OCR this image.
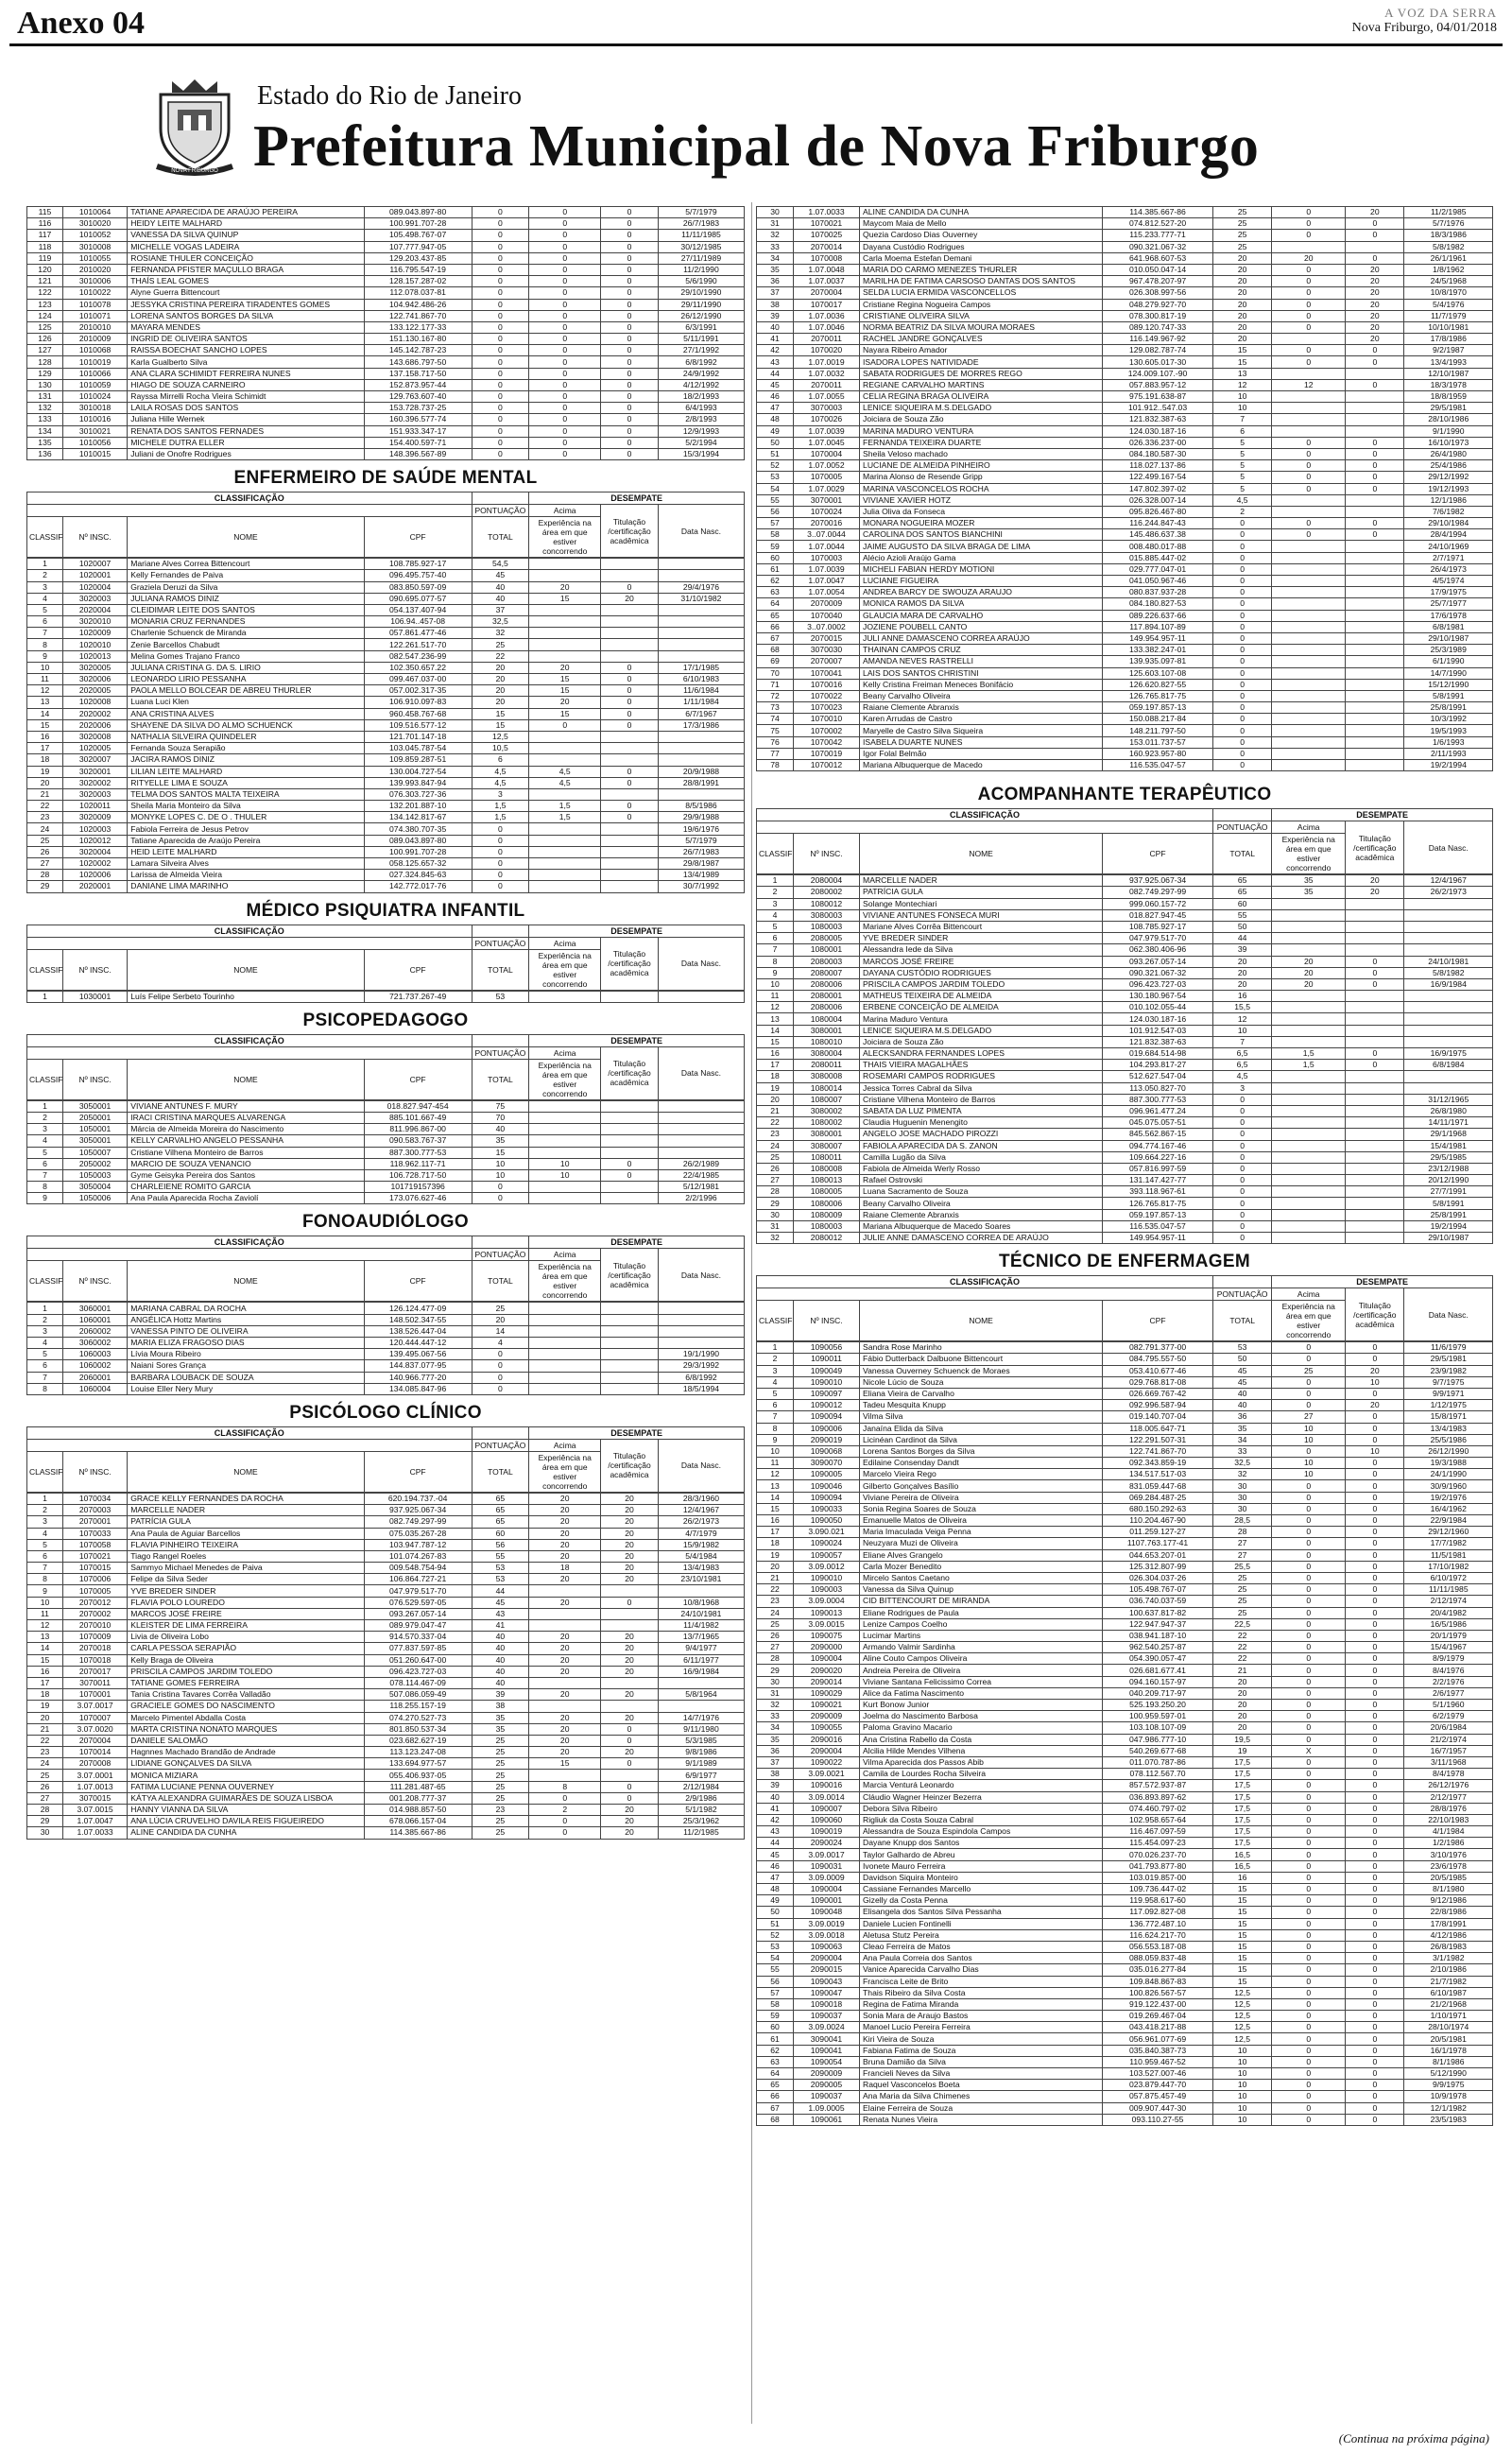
Anexo 04	A VOZ DA SERRA
Nova Friburgo, 04/01/2018
NOVA FRIBURGO
Estado do Rio de Janeiro
Prefeitura Municipal de Nova Friburgo
115	1010064	TATIANE APARECIDA DE ARAÚJO PEREIRA	089.043.897-80	0	0	0	5/7/1979
116	3010020	HEIDY LEITE MALHARD	100.991.707-28	0	0	0	26/7/1983
117	1010052	VANESSA DA SILVA QUINUP	105.498.767-07	0	0	0	11/11/1985
118	3010008	MICHELLE VOGAS LADEIRA	107.777.947-05	0	0	0	30/12/1985
119	1010055	ROSIANE THULER CONCEIÇÃO	129.203.437-85	0	0	0	27/11/1989
120	2010020	FERNANDA PFISTER MAÇULLO BRAGA	116.795.547-19	0	0	0	11/2/1990
121	3010006	THAÍS LEAL GOMES	128.157.287-02	0	0	0	5/6/1990
122	1010022	Alyne Guerra Bittencourt	112.078.037-81	0	0	0	29/10/1990
123	1010078	JESSYKA CRISTINA PEREIRA TIRADENTES GOMES	104.942.486-26	0	0	0	29/11/1990
124	1010071	LORENA SANTOS BORGES DA SILVA	122.741.867-70	0	0	0	26/12/1990
125	2010010	MAYARA MENDES	133.122.177-33	0	0	0	6/3/1991
126	2010009	INGRID DE OLIVEIRA SANTOS	151.130.167-80	0	0	0	5/11/1991
127	1010068	RAISSA BOECHAT SANCHO LOPES	145.142.787-23	0	0	0	27/1/1992
128	1010019	Karla Gualberto Silva	143.686.797-50	0	0	0	6/8/1992
129	1010066	ANA CLARA SCHIMIDT FERREIRA NUNES	137.158.717-50	0	0	0	24/9/1992
130	1010059	HIAGO DE SOUZA CARNEIRO	152.873.957-44	0	0	0	4/12/1992
131	1010024	Rayssa Mirrelli Rocha Vieira Schimidt	129.763.607-40	0	0	0	18/2/1993
132	3010018	LAILA ROSAS DOS SANTOS	153.728.737-25	0	0	0	6/4/1993
133	1010016	Juliana Hille Wernek	160.396.577-74	0	0	0	2/8/1993
134	3010021	RENATA DOS SANTOS FERNADES	151.933.347-17	0	0	0	12/9/1993
135	1010056	MICHELE DUTRA ELLER	154.400.597-71	0	0	0	5/2/1994
136	1010015	Juliani de Onofre Rodrigues	148.396.567-89	0	0	0	15/3/1994
ENFERMEIRO DE SAÚDE MENTAL
CLASSIFICAÇÃO					DESEMPATE		
				PONTUAÇÃO	Acima	Titulação /certificação acadêmica	Data Nasc.
CLASSIF	Nº INSC.	NOME	CPF	TOTAL	Experiência na área em que estiver concorrendo		
1	1020007	Mariane Alves Correa Bittencourt	108.785.927-17	54,5			
2	1020001	Kelly Fernandes de Paiva	096.495.757-40	45			
3	1020004	Graziela Deruzi da Silva	083.850.597-09	40	20	0	29/4/1976
4	3020003	JULIANA RAMOS DINIZ	090.695.077-57	40	15	20	31/10/1982
5	2020004	CLEIDIMAR LEITE DOS SANTOS	054.137.407-94	37			
6	3020010	MONARIA CRUZ FERNANDES	106.94..457-08	32,5			
7	1020009	Charlenie Schuenck de Miranda	057.861.477-46	32			
8	1020010	Zenie Barcellos Chabudt	122.261.517-70	25			
9	1020013	Melina Gomes Trajano Franco	082.547.236-99	22			
10	3020005	JULIANA CRISTINA G. DA S. LIRIO	102.350.657.22	20	20	0	17/1/1985
11	3020006	LEONARDO LIRIO PESSANHA	099.467.037-00	20	15	0	6/10/1983
12	2020005	PAOLA MELLO BOLCEAR DE ABREU THURLER	057.002.317-35	20	15	0	11/6/1984
13	1020008	Luana Luci Klen	106.910.097-83	20	20	0	1/11/1984
14	2020002	ANA CRISTINA ALVES	960.458.767-68	15	15	0	6/7/1967
15	2020006	SHAYENE DA SILVA DO ALMO SCHUENCK	109.516.577-12	15	0	0	17/3/1986
16	3020008	NATHALIA SILVEIRA QUINDELER	121.701.147-18	12,5			
17	1020005	Fernanda Souza Serapião	103.045.787-54	10,5			
18	3020007	JACIRA RAMOS DINIZ	109.859.287-51	6			
19	3020001	LILIAN LEITE MALHARD	130.004.727-54	4,5	4,5	0	20/9/1988
20	3020002	RITYELLE LIMA E SOUZA	139.993.847-94	4,5	4,5	0	28/8/1991
21	3020003	TELMA DOS SANTOS MALTA TEIXEIRA	076.303.727-36	3			
22	1020011	Sheila Maria Monteiro da Silva	132.201.887-10	1,5	1,5	0	8/5/1986
23	3020009	MONYKE LOPES C. DE O . THULER	134.142.817-67	1,5	1,5	0	29/9/1988
24	1020003	Fabiola Ferreira de Jesus Petrov	074.380.707-35	0			19/6/1976
25	1020012	Tatiane Aparecida de Araújo Pereira	089.043.897-80	0			5/7/1979
26	3020004	HEID LEITE MALHARD	100.991.707-28	0			26/7/1983
27	1020002	Lamara Silveira Alves	058.125.657-32	0			29/8/1987
28	1020006	Larissa de Almeida Vieira	027.324.845-63	0			13/4/1989
29	2020001	DANIANE LIMA MARINHO	142.772.017-76	0			30/7/1992
MÉDICO PSIQUIATRA INFANTIL
CLASSIFICAÇÃO					DESEMPATE		
				PONTUAÇÃO	Acima	Titulação /certificação acadêmica	Data Nasc.
CLASSIF	Nº INSC.	NOME	CPF	TOTAL	Experiência na área em que estiver concorrendo		
1	1030001	Luís Felipe Serbeto Tourinho	721.737.267-49	53			
PSICOPEDAGOGO
CLASSIFICAÇÃO					DESEMPATE		
				PONTUAÇÃO	Acima	Titulação /certificação acadêmica	Data Nasc.
CLASSIF	Nº INSC.	NOME	CPF	TOTAL	Experiência na área em que estiver concorrendo		
1	3050001	VIVIANE ANTUNES F. MURY	018.827.947-454	75			
2	2050001	IRACI CRISTINA MARQUES ALVARENGA	885.101.667-49	70			
3	1050001	Márcia de Almeida Moreira do Nascimento	811.996.867-00	40			
4	3050001	KELLY CARVALHO ANGELO PESSANHA	090.583.767-37	35			
5	1050007	Cristiane Vilhena Monteiro de Barros	887.300.777-53	15			
6	2050002	MARCIO DE SOUZA VENANCIO	118.962.117-71	10	10	0	26/2/1989
7	1050003	Gyme Geisyka Pereira dos Santos	106.728.717-50	10	10	0	22/4/1985
8	3050004	CHARLEIENE ROMITO GARCIA	101719157396	0			5/12/1981
9	1050006	Ana Paula Aparecida Rocha Zaviolí	173.076.627-46	0			2/2/1996
FONOAUDIÓLOGO
CLASSIFICAÇÃO					DESEMPATE		
				PONTUAÇÃO	Acima	Titulação /certificação acadêmica	Data Nasc.
CLASSIF	Nº INSC.	NOME	CPF	TOTAL	Experiência na área em que estiver concorrendo		
1	3060001	MARIANA CABRAL DA ROCHA	126.124.477-09	25			
2	1060001	ANGÉLICA Hottz Martins	148.502.347-55	20			
3	2060002	VANESSA PINTO DE OLIVEIRA	138.526.447-04	14			
4	3060002	MARIA ELIZA FRAGOSO DIAS	120.444.447-12	4			
5	1060003	Lívia Moura Ribeiro	139.495.067-56	0			19/1/1990
6	1060002	Naiani Sores Grança	144.837.077-95	0			29/3/1992
7	2060001	BARBARA LOUBACK DE SOUZA	140.966.777-20	0			6/8/1992
8	1060004	Louise Eller Nery Mury	134.085.847-96	0			18/5/1994
PSICÓLOGO CLÍNICO
CLASSIFICAÇÃO					DESEMPATE		
				PONTUAÇÃO	Acima	Titulação /certificação acadêmica	Data Nasc.
CLASSIF	Nº INSC.	NOME	CPF	TOTAL	Experiência na área em que estiver concorrendo		
1	1070034	GRACE KELLY FERNANDES DA ROCHA	620.194.737.-04	65	20	20	28/3/1960
2	2070003	MARCELLE NADER	937.925.067-34	65	20	20	12/4/1967
3	2070001	PATRÍCIA GULA	082.749.297-99	65	20	20	26/2/1973
4	1070033	Ana Paula de Aguiar Barcellos	075.035.267-28	60	20	20	4/7/1979
5	1070058	FLAVIA PINHEIRO TEIXEIRA	103.947.787-12	56	20	20	15/9/1982
6	1070021	Tiago Rangel Roeles	101.074.267-83	55	20	20	5/4/1984
7	1070015	Sammyo Michael Menedes de Paiva	009.548.754-94	53	18	20	13/4/1983
8	1070006	Felipe da Silva Seder	106.864.727-21	53	20	20	23/10/1981
9	1070005	YVE BREDER SINDER	047.979.517-70	44			
10	2070012	FLAVIA POLO LOUREDO	076.529.597-05	45	20	0	10/8/1968
11	2070002	MARCOS JOSÉ FREIRE	093.267.057-14	43			24/10/1981
12	2070010	KLEISTER DE LIMA FERREIRA	089.979.047-47	41			11/4/1982
13	1070009	Livia de Oliveira Lobo	914.570.337-04	40	20	20	13/7/1965
14	2070018	CARLA PESSOA SERAPIÃO	077.837.597-85	40	20	20	9/4/1977
15	1070018	Kelly Braga de Oliveira	051.260.647-00	40	20	20	6/11/1977
16	2070017	PRISCILA CAMPOS JARDIM TOLEDO	096.423.727-03	40	20	20	16/9/1984
17	3070011	TATIANE GOMES FERREIRA	078.114.467-09	40			
18	1070001	Tania Cristina Tavares Corrêa Valladão	507.086.059-49	39	20	20	5/8/1964
19	3.07.0017	GRACIELE GOMES DO NASCIMENTO	118.255.157-19	38			
20	1070007	Marcelo Pimentel Abdalla Costa	074.270.527-73	35	20	20	14/7/1976
21	3.07.0020	MARTA CRISTINA NONATO MARQUES	801.850.537-34	35	20	0	9/11/1980
22	2070004	DANIELE SALOMÃO	023.682.627-19	25	20	0	5/3/1985
23	1070014	Hagnnes Machado Brandão de Andrade	113.123.247-08	25	20	20	9/8/1986
24	2070008	LIDIANE GONÇALVES DA SILVA	133.694.977-57	25	15	0	9/1/1989
25	3.07.0001	MONICA MIZIARA	055.406.937-05	25			6/9/1977
26	1.07.0013	FATIMA LUCIANE PENNA OUVERNEY	111.281.487-65	25	8	0	2/12/1984
27	3070015	KÁTYA ALEXANDRA GUIMARÃES DE SOUZA LISBOA	001.208.777-37	25	0	0	2/9/1986
28	3.07.0015	HANNY VIANNA DA SILVA	014.988.857-50	23	2	20	5/1/1982
29	1.07.0047	ANA LÚCIA CRUVELHO DAVILA REIS FIGUEIREDO	678.066.157-04	25	0	20	25/3/1962
30	1.07.0033	ALINE CANDIDA DA CUNHA	114.385.667-86	25	0	20	11/2/1985
30	1.07.0033	ALINE CANDIDA DA CUNHA	114.385.667-86	25	0	20	11/2/1985
31	1070021	Maycom Maia de Mello	074.812.527-20	25	0	0	5/7/1976
32	1070025	Quezia Cardoso Dias Ouverney	115.233.777-71	25	0	0	18/3/1986
33	2070014	Dayana Custódio Rodrigues	090.321.067-32	25			5/8/1982
34	1070008	Carla Moema Estefan Demani	641.968.607-53	20	20	0	26/1/1961
35	1.07.0048	MARIA DO CARMO MENEZES THURLER	010.050.047-14	20	0	20	1/8/1962
36	1.07.0037	MARILHA DE FATIMA CARSOSO DANTAS DOS SANTOS	967.478.207-97	20	0	20	24/5/1968
37	2070004	SELDA LUCIA ERMIDA VASCONCELLOS	026.308.997-56	20	0	20	10/8/1970
38	1070017	Cristiane Regina Nogueira Campos	048.279.927-70	20	0	20	5/4/1976
39	1.07.0036	CRISTIANE OLIVEIRA SILVA	078.300.817-19	20	0	20	11/7/1979
40	1.07.0046	NORMA BEATRIZ DA SILVA MOURA MORAES	089.120.747-33	20	0	20	10/10/1981
41	2070011	RACHEL JANDRE GONÇALVES	116.149.967-92	20		20	17/8/1986
42	1070020	Nayara Ribeiro Amador	129.082.787-74	15	0	0	9/2/1987
43	1.07.0019	ISADORA LOPES NATIVIDADE	130.605.017-30	15	0	0	13/4/1993
44	1.07.0032	SABATA RODRIGUES DE MORRES REGO	124.009.107.-90	13			12/10/1987
45	2070011	REGIANE CARVALHO MARTINS	057.883.957-12	12	12	0	18/3/1978
46	1.07.0055	CELIA REGINA BRAGA OLIVEIRA	975.191.638-87	10			18/8/1959
47	3070003	LENICE SIQUEIRA M.S.DELGADO	101.912..547.03	10			29/5/1981
48	1070026	Joiciara de Souza Zão	121.832.387-63	7			28/10/1986
49	1.07.0039	MARINA MADURO VENTURA	124.030.187-16	6			9/1/1990
50	1.07.0045	FERNANDA TEIXEIRA DUARTE	026.336.237-00	5	0	0	16/10/1973
51	1070004	Sheila Veloso machado	084.180.587-30	5	0	0	26/4/1980
52	1.07.0052	LUCIANE DE ALMEIDA PINHEIRO	118.027.137-86	5	0	0	25/4/1986
53	1070005	Marina Alonso de Resende Gripp	122.499.167-54	5	0	0	29/12/1992
54	1.07.0029	MARINA VASCONCELOS ROCHA	147.802.397-02	5	0	0	19/12/1993
55	3070001	VIVIANE XAVIER HOTZ	026.328.007-14	4,5			12/1/1986
56	1070024	Julia Oliva da Fonseca	095.826.467-80	2			7/6/1982
57	2070016	MONARA NOGUEIRA MOZER	116.244.847-43	0	0	0	29/10/1984
58	3..07.0044	CAROLINA DOS SANTOS BIANCHINI	145.486.637.38	0	0	0	28/4/1994
59	1.07.0044	JAIME AUGUSTO DA SILVA BRAGA DE LIMA	008.480.017-88	0			24/10/1969
60	1070003	Alécio Azioli Araújo Gama	015.885.447-02	0			2/7/1971
61	1.07.0039	MICHELI FABIAN HERDY MOTIONI	029.777.047-01	0			26/4/1973
62	1.07.0047	LUCIANE FIGUEIRA	041.050.967-46	0			4/5/1974
63	1.07.0054	ANDREA BARCY DE SWOUZA ARAUJO	080.837.937-28	0			17/9/1975
64	2070009	MONICA RAMOS DA SILVA	084.180.827-53	0			25/7/1977
65	1070040	GLAUCIA MARA DE CARVALHO	089.226.637-66	0			17/6/1978
66	3..07.0002	JOZIENE POUBELL CANTO	117.894.107-89	0			6/8/1981
67	2070015	JULI ANNE DAMASCENO CORREA ARAÚJO	149.954.957-11	0			29/10/1987
68	3070030	THAINAN CAMPOS CRUZ	133.382.247-01	0			25/3/1989
69	2070007	AMANDA NEVES RASTRELLI	139.935.097-81	0			6/1/1990
70	1070041	LAIS DOS SANTOS CHRISTINI	125.603.107-08	0			14/7/1990
71	1070016	Kelly Cristina Freiman Meneces Bonifácio	126.620.827-55	0			15/12/1990
72	1070022	Beany Carvalho Oliveira	126.765.817-75	0			5/8/1991
73	1070023	Raiane Clemente Abranxis	059.197.857-13	0			25/8/1991
74	1070010	Karen Arrudas de Castro	150.088.217-84	0			10/3/1992
75	1070002	Maryelle de Castro Silva Siqueira	148.211.797-50	0			19/5/1993
76	1070042	ISABELA DUARTE NUNES	153.011.737-57	0			1/6/1993
77	1070019	Igor Folal Belmão	160.923.957-80	0			2/11/1993
78	1070012	Mariana Albuquerque de Macedo	116.535.047-57	0			19/2/1994
ACOMPANHANTE TERAPÊUTICO
CLASSIFICAÇÃO					DESEMPATE		
				PONTUAÇÃO	Acima	Titulação /certificação acadêmica	Data Nasc.
CLASSIF	Nº INSC.	NOME	CPF	TOTAL	Experiência na área em que estiver concorrendo		
1	2080004	MARCELLE NADER	937.925.067-34	65	35	20	12/4/1967
2	2080002	PATRÍCIA GULA	082.749.297-99	65	35	20	26/2/1973
3	1080012	Solange Montechiari	999.060.157-72	60			
4	3080003	VIVIANE ANTUNES FONSECA MURI	018.827.947-45	55			
5	1080003	Mariane Alves Corrêa Bittencourt	108.785.927-17	50			
6	2080005	YVE BREDER SINDER	047.979.517-70	44			
7	1080001	Alessandra Iede da Silva	062.380.406-96	39			
8	2080003	MARCOS JOSÉ FREIRE	093.267.057-14	20	20	0	24/10/1981
9	2080007	DAYANA CUSTÓDIO RODRIGUES	090.321.067-32	20	20	0	5/8/1982
10	2080006	PRISCILA CAMPOS JARDIM TOLEDO	096.423.727-03	20	20	0	16/9/1984
11	2080001	MATHEUS TEIXEIRA DE ALMEIDA	130.180.967-54	16			
12	2080006	ERBENE CONCEIÇÃO DE ALMEIDA	010.102.055-44	15,5			
13	1080004	Marina Maduro Ventura	124.030.187-16	12			
14	3080001	LENICE SIQUEIRA M.S.DELGADO	101.912.547-03	10			
15	1080010	Joiciara de Souza Zão	121.832.387-63	7			
16	3080004	ALECKSANDRA FERNANDES LOPES	019.684.514-98	6,5	1,5	0	16/9/1975
17	2080011	THAIS VIEIRA MAGALHÃES	104.293.817-27	6,5	1,5	0	6/8/1984
18	3080008	ROSEMARI CAMPOS RODRIGUES	512.627.547-04	4,5			
19	1080014	Jessica Torres Cabral da Silva	113.050.827-70	3			
20	1080007	Cristiane Vilhena Monteiro de Barros	887.300.777-53	0			31/12/1965
21	3080002	SABATA DA LUZ PIMENTA	096.961.477.24	0			26/8/1980
22	1080002	Claudia Huguenin Menengito	045.075.057-51	0			14/11/1971
23	3080001	ANGELO JOSE MACHADO PIROZZI	845.562.867-15	0			29/1/1968
24	3080007	FABIOLA APARECIDA DA S. ZANON	094.774.167-46	0			15/4/1981
25	1080011	Camilla Lugão da Silva	109.664.227-16	0			29/5/1985
26	1080008	Fabiola de Almeida Werly Rosso	057.816.997-59	0			23/12/1988
27	1080013	Rafael Ostrovski	131.147.427-77	0			20/12/1990
28	1080005	Luana Sacramento de Souza	393.118.967-61	0			27/7/1991
29	1080006	Beany Carvalho Oliveira	126.765.817-75	0			5/8/1991
30	1080009	Raiane Clemente Abranxis	059.197.857-13	0			25/8/1991
31	1080003	Mariana Albuquerque de Macedo Soares	116.535.047-57	0			19/2/1994
32	2080012	JULIE ANNE DAMASCENO CORREA DE ARAÚJO	149.954.957-11	0			29/10/1987
TÉCNICO DE ENFERMAGEM
CLASSIFICAÇÃO					DESEMPATE		
				PONTUAÇÃO	Acima	Titulação /certificação acadêmica	Data Nasc.
CLASSIF	Nº INSC.	NOME	CPF	TOTAL	Experiência na área em que estiver concorrendo		
1	1090056	Sandra Rose Marinho	082.791.377-00	53	0	0	11/6/1979
2	1090011	Fábio Dutterback Dalbuone Bittencourt	084.795.557-50	50	0	0	29/5/1981
3	1090049	Vanessa Ouverney Schuenck de Moraes	053.410.677-46	45	25	20	23/9/1982
4	1090010	Nicole Lúcio de Souza	029.768.817-08	45	0	10	9/7/1975
5	1090097	Eliana Vieira de Carvalho	026.669.767-42	40	0	0	9/9/1971
6	1090012	Tadeu Mesquita Knupp	092.996.587-94	40	0	20	1/12/1975
7	1090094	Vilma Silva	019.140.707-04	36	27	0	15/8/1971
8	1090006	Janaína Elida da Silva	118.005.647-71	35	10	0	13/4/1983
9	2090019	Licinéan Cardinot da Silva	122.291.507-31	34	10	0	25/5/1986
10	1090068	Lorena Santos Borges da Silva	122.741.867-70	33	0	10	26/12/1990
11	3090070	Edilaine Consenday Dandt	092.343.859-19	32,5	10	0	19/3/1988
12	1090005	Marcelo Vieira Rego	134.517.517-03	32	10	0	24/1/1990
13	1090046	Gilberto Gonçalves Basílio	831.059.447-68	30	0	0	30/9/1960
14	1090094	Viviane Pereira de Oliveira	069.284.487-25	30	0	0	19/2/1976
15	1090033	Sonia Regina Soares de Souza	680.150.292-63	30	0	0	16/4/1962
16	1090050	Emanuelle Matos de Oliveira	110.204.467-90	28,5	0	0	22/9/1984
17	3.090.021	Maria Imaculada Veiga Penna	011.259.127-27	28	0	0	29/12/1960
18	1090024	Neuzyara Muzi de Oliveira	1107.763.177-41	27	0	0	17/7/1982
19	1090057	Eliane Alves Grangelo	044.653.207-01	27	0	0	11/5/1981
20	3.09.0012	Carla Mozer Benedito	125.312.807-99	25,5	0	0	17/10/1982
21	1090010	Mircelo Santos Caetano	026.304.037-26	25	0	0	6/10/1972
22	1090003	Vanessa da Silva Quinup	105.498.767-07	25	0	0	11/11/1985
23	3.09.0004	CID BITTENCOURT DE MIRANDA	036.740.037-59	25	0	0	2/12/1974
24	1090013	Eliane Rodrigues de Paula	100.637.817-82	25	0	0	20/4/1982
25	3.09.0015	Lenize Campos Coelho	122.947.947-37	22,5	0	0	16/5/1986
26	1090075	Lucimar Martins	038.941.187-10	22	0	0	20/1/1979
27	2090000	Armando Valmir Sardinha	962.540.257-87	22	0	0	15/4/1967
28	1090004	Aline Couto Campos Oliveira	054.390.057-47	22	0	0	8/9/1979
29	2090020	Andreia Pereira de Oliveira	026.681.677.41	21	0	0	8/4/1976
30	2090014	Viviane Santana Felicissimo Correa	094.160.157-97	20	0	0	2/2/1976
31	1090029	Alice da Fatima Nascimento	040.209.717-97	20	0	0	2/6/1977
32	1090021	Kurt Bonow Junior	525.193.250.20	20	0	0	5/1/1960
33	2090009	Joelma do Nascimento Barbosa	100.959.597-01	20	0	0	6/2/1979
34	1090055	Paloma Gravino Macario	103.108.107-09	20	0	0	20/6/1984
35	2090016	Ana Cristina Rabello da Costa	047.986.777-10	19,5	0	0	21/2/1974
36	2090004	Alcilia Hilde Mendes Vilhena	540.269.677-68	19	X	0	16/7/1957
37	1090022	Vilma Aparecida dos Passos Abib	011.070.787-86	17,5	0	0	3/11/1968
38	3.09.0021	Camila de Lourdes Rocha Silveira	078.112.567.70	17,5	0	0	8/4/1978
39	1090016	Marcia Venturá Leonardo	857.572.937-87	17,5	0	0	26/12/1976
40	3.09.0014	Cláudio Wagner Heinzer Bezerra	036.893.897-62	17,5	0	0	2/12/1977
41	1090007	Debora Silva Ribeiro	074.460.797-02	17,5	0	0	28/8/1976
42	1090060	Rigliuk da Costa Souza Cabral	102.958.657-64	17,5	0	0	22/10/1983
43	1090019	Alessandra de Souza Espindola Campos	116.467.097-59	17,5	0	0	4/1/1984
44	2090024	Dayane Knupp dos Santos	115.454.097-23	17,5	0	0	1/2/1986
45	3.09.0017	Taylor Galhardo de Abreu	070.026.237-70	16,5	0	0	3/10/1976
46	1090031	Ivonete Mauro Ferreira	041.793.877-80	16,5	0	0	23/6/1978
47	3.09.0009	Davidson Siquira Monteiro	103.019.857-00	16	0	0	20/5/1985
48	1090004	Cassiane Fernandes Marcello	109.736.447-02	15	0	0	8/1/1980
49	1090001	Gizelly da Costa Penna	119.958.617-60	15	0	0	9/12/1986
50	1090048	Elisangela dos Santos Silva Pessanha	117.092.827-08	15	0	0	22/8/1986
51	3.09.0019	Daniele Lucien Fontinelli	136.772.487.10	15	0	0	17/8/1991
52	3.09.0018	Aletusa Stutz Pereira	116.624.217-70	15	0	0	4/12/1986
53	1090063	Cleao Ferreira de Matos	056.553.187-08	15	0	0	26/8/1983
54	2090004	Ana Paula Correia dos Santos	088.059.837-48	15	0	0	3/1/1982
55	2090015	Vanice Aparecida Carvalho Dias	035.016.277-84	15	0	0	2/10/1986
56	1090043	Francisca Leite de Brito	109.848.867-83	15	0	0	21/7/1982
57	1090047	Thais Ribeiro da Silva Costa	100.826.567-57	12,5	0	0	6/10/1987
58	1090018	Regina de Fatima Miranda	919.122.437-00	12,5	0	0	21/2/1968
59	1090037	Sonia Mara de Araujo Bastos	019.269.467-04	12,5	0	0	1/10/1971
60	3.09.0024	Manoel Lucio Pereira Ferreira	043.418.217-88	12,5	0	0	28/10/1974
61	3090041	Kiri Vieira de Souza	056.961.077-69	12,5	0	0	20/5/1981
62	1090041	Fabiana Fatima de Souza	035.840.387-73	10	0	0	16/1/1978
63	1090054	Bruna Damião da Silva	110.959.467-52	10	0	0	8/1/1986
64	2090009	Francieli Neves da Silva	103.527.007-46	10	0	0	5/12/1990
65	2090005	Raquel Vasconcelos Boeta	023.879.447-70	10	0	0	9/9/1975
66	1090037	Ana Maria da Silva Chimenes	057.875.457-49	10	0	0	10/9/1978
67	1.09.0005	Elaine Ferreira de Souza	009.907.447-30	10	0	0	12/1/1982
68	1090061	Renata Nunes Vieira	093.110.27-55	10	0	0	23/5/1983
(Continua na próxima página)
